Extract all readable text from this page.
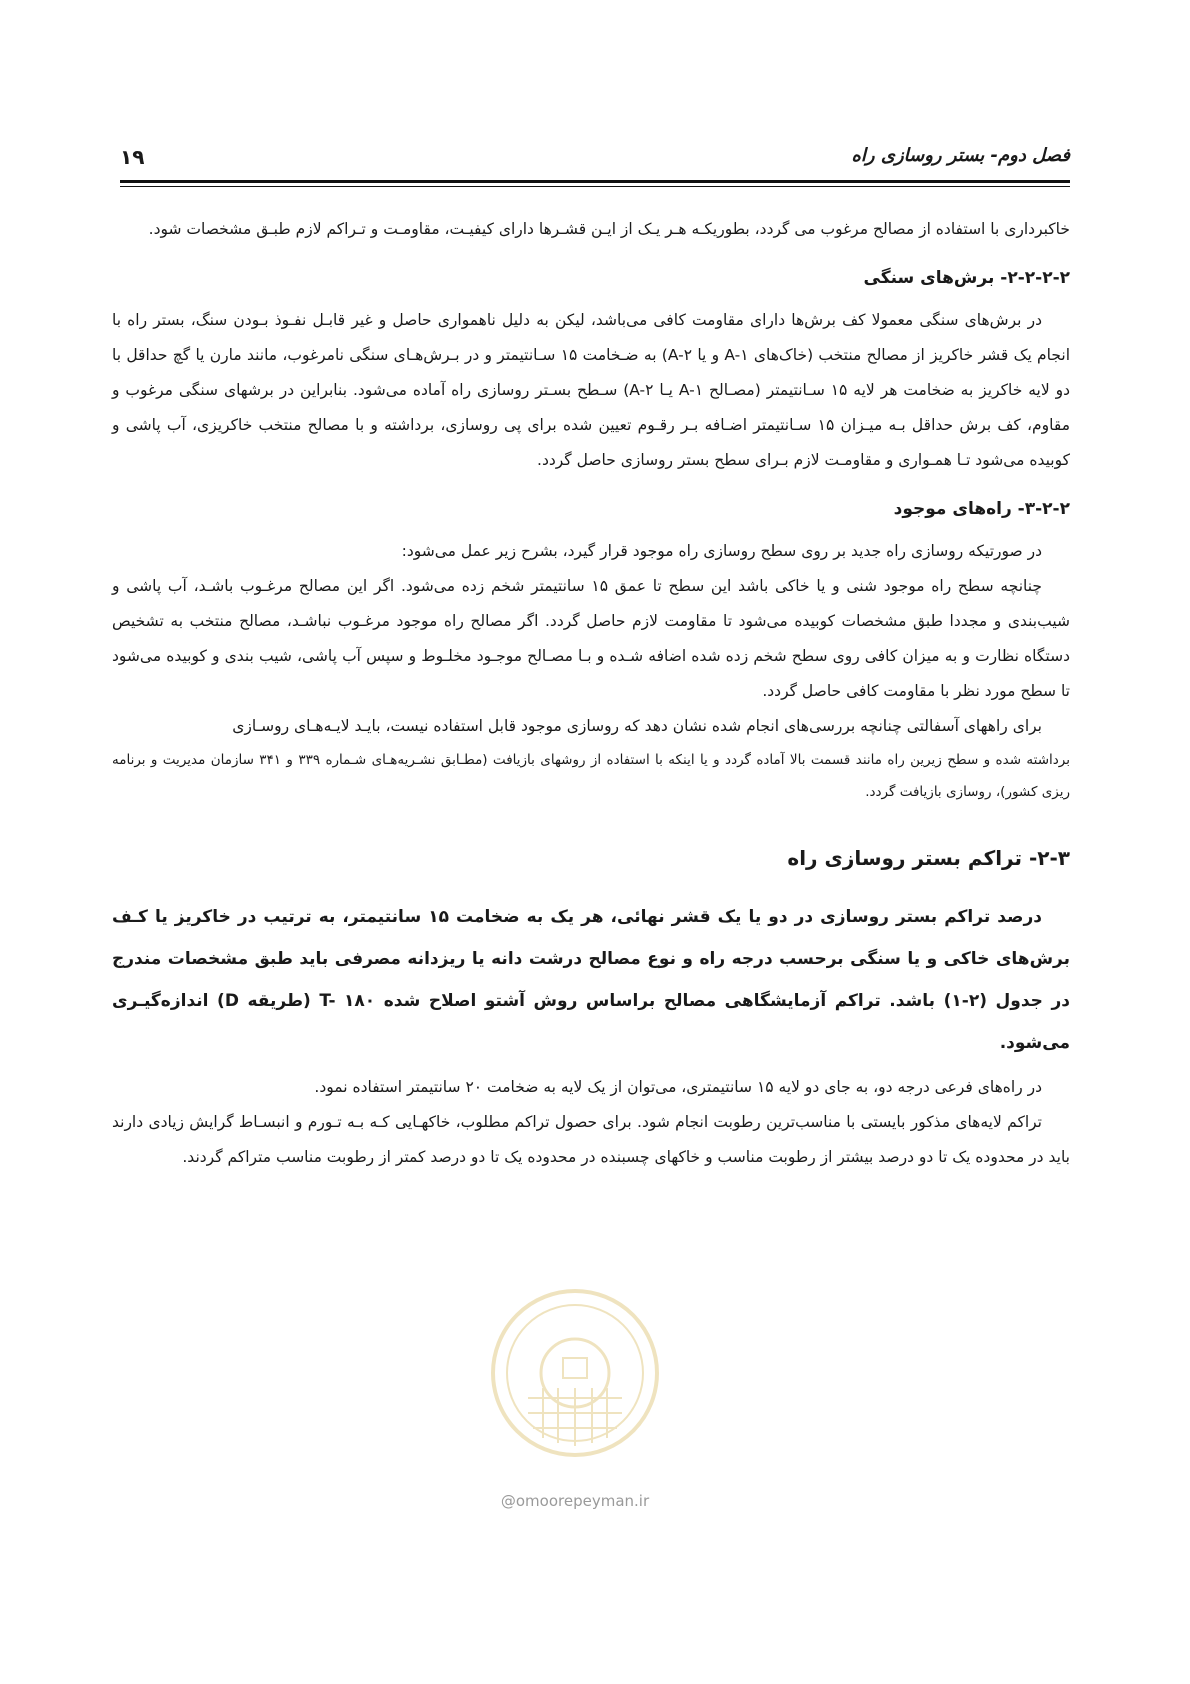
فصل دوم- بستر روسازی راه
۱۹

خاکبرداری با استفاده از مصالح مرغوب می گردد، بطوریکـه هـر یـک از ایـن قشـرها دارای کیفیـت، مقاومـت و تـراکم لازم طبـق مشخصات شود.

۲-۲-۲-۲- برش‌های سنگی

در برش‌های سنگی معمولا کف برش‌ها دارای مقاومت کافی می‌باشد، لیکن به دلیل ناهمواری حاصل و غیر قابـل نفـوذ بـودن سنگ، بستر راه با انجام یک قشر خاکریز از مصالح منتخب (خاک‌های A-۱ و یا A-۲) به ضـخامت ۱۵ سـانتیمتر و در بـرش‌هـای سنگی نامرغوب، مانند مارن یا گچ حداقل با دو لایه خاکریز به ضخامت هر لایه ۱۵ سـانتیمتر (مصـالح A-۱ یـا A-۲) سـطح بسـتر روسازی راه آماده می‌شود. بنابراین در برشهای سنگی مرغوب و مقاوم، کف برش حداقل بـه میـزان ۱۵ سـانتیمتر اضـافه بـر رقـوم تعیین شده برای پی روسازی، برداشته و با مصالح منتخب خاکریزی، آب پاشی و کوبیده می‌شود تـا همـواری و مقاومـت لازم بـرای سطح بستر روسازی حاصل گردد.

۳-۲-۲- راه‌های موجود

در صورتیکه روسازی راه جدید بر روی سطح روسازی راه موجود قرار گیرد، بشرح زیر عمل می‌شود:

چنانچه سطح راه موجود شنی و یا خاکی باشد این سطح تا عمق ۱۵ سانتیمتر شخم زده می‌شود. اگر این مصالح مرغـوب باشـد، آب پاشی و شیب‌بندی و مجددا طبق مشخصات کوبیده می‌شود تا مقاومت لازم حاصل گردد. اگر مصالح راه موجود مرغـوب نباشـد، مصالح منتخب به تشخیص دستگاه نظارت و به میزان کافی روی سطح شخم زده شده اضافه شـده و بـا مصـالح موجـود مخلـوط و سپس آب پاشی، شیب بندی و کوبیده می‌شود تا سطح مورد نظر با مقاومت کافی حاصل گردد.

برای راههای آسفالتی چنانچه بررسی‌های انجام شده نشان دهد که روسازی موجود قابل استفاده نیست، بایـد لایـه‌هـای روسـازی

برداشته شده و سطح زیرین راه مانند قسمت بالا آماده گردد و یا اینکه با استفاده از روشهای بازیافت (مطـابق نشـریه‌هـای شـماره ۳۳۹ و ۳۴۱ سازمان مدیریت و برنامه ریزی کشور)، روسازی بازیافت گردد.

۲-۳- تراکم بستر روسازی راه

درصد تراکم بستر روسازی در دو یا یک قشر نهائی، هر یک به ضخامت ۱۵ سانتیمتر، به ترتیب در خاکریز یا کـف برش‌های خاکی و یا سنگی برحسب درجه راه و نوع مصالح درشت دانه یا ریزدانه مصرفی باید طبق مشخصات مندرج در جدول (۲-۱) باشد. تراکم آزمایشگاهی مصالح براساس روش آشتو اصلاح شده T- ۱۸۰ (طریقه D) اندازه‌گیـری می‌شود.

در راه‌های فرعی درجه دو، به جای دو لایه ۱۵ سانتیمتری، می‌توان از یک لایه به ضخامت ۲۰ سانتیمتر استفاده نمود.

تراکم لایه‌های مذکور بایستی با مناسب‌ترین رطوبت انجام شود. برای حصول تراکم مطلوب، خاکهـایی کـه بـه تـورم و انبسـاط گرایش زیادی دارند باید در محدوده یک تا دو درصد بیشتر از رطوبت مناسب و خاکهای چسبنده در محدوده یک تا دو درصد کمتر از رطوبت مناسب متراکم گردند.

@omoorepeyman.ir
